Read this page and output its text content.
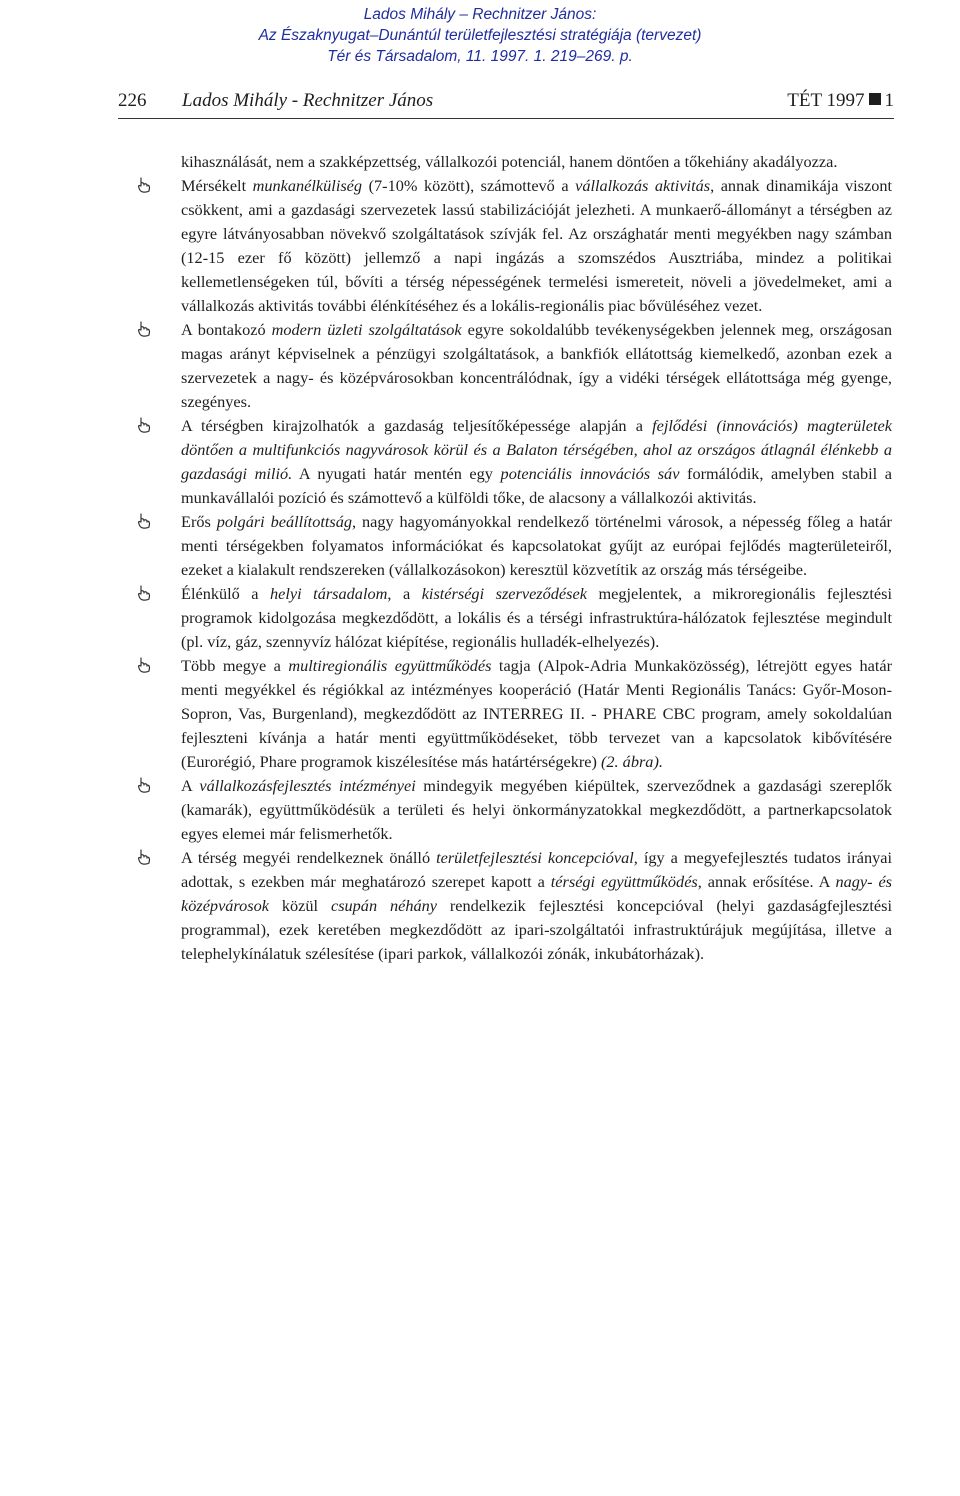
Lados Mihály – Rechnitzer János:
Az Északnyugat–Dunántúl területfejlesztési stratégiája (tervezet)
Tér és Társadalom, 11. 1997. 1. 219–269. p.
226 Lados Mihály - Rechnitzer János	TÉT 1997 1

kihasználását, nem a szakképzettség, vállalkozói potenciál, hanem döntően a tőkehiány akadályozza.

Mérsékelt munkanélküliség (7-10% között), számottevő a vállalkozás aktivitás, annak dinamikája viszont csökkent, ami a gazdasági szervezetek lassú stabilizációját jelezheti. A munkaerő-állományt a térségben az egyre látványosabban növekvő szolgáltatások szívják fel. Az országhatár menti megyékben nagy számban (12-15 ezer fő között) jellemző a napi ingázás a szomszédos Ausztriába, mindez a politikai kellemetlenségeken túl, bővíti a térség népességének termelési ismereteit, növeli a jövedelmeket, ami a vállalkozás aktivitás további élénkítéséhez és a lokális-regionális piac bővüléséhez vezet.

A bontakozó modern üzleti szolgáltatások egyre sokoldalúbb tevékenységekben jelennek meg, országosan magas arányt képviselnek a pénzügyi szolgáltatások, a bankfiók ellátottság kiemelkedő, azonban ezek a szervezetek a nagy- és középvárosokban koncentrálódnak, így a vidéki térségek ellátottsága még gyenge, szegényes.

A térségben kirajzolhatók a gazdaság teljesítőképessége alapján a fejlődési (innovációs) magterületek döntően a multifunkciós nagyvárosok körül és a Balaton térségében, ahol az országos átlagnál élénkebb a gazdasági milió. A nyugati határ mentén egy potenciális innovációs sáv formálódik, amelyben stabil a munkavállalói pozíció és számottevő a külföldi tőke, de alacsony a vállalkozói aktivitás.

Erős polgári beállítottság, nagy hagyományokkal rendelkező történelmi városok, a népesség főleg a határ menti térségekben folyamatos információkat és kapcsolatokat gyűjt az európai fejlődés magterületeiről, ezeket a kialakult rendszereken (vállalkozásokon) keresztül közvetítik az ország más térségeibe.

Élénkülő a helyi társadalom, a kistérségi szerveződések megjelentek, a mikroregionális fejlesztési programok kidolgozása megkezdődött, a lokális és a térségi infrastruktúra-hálózatok fejlesztése megindult (pl. víz, gáz, szennyvíz hálózat kiépítése, regionális hulladék-elhelyezés).

Több megye a multiregionális együttműködés tagja (Alpok-Adria Munkaközösség), létrejött egyes határ menti megyékkel és régiókkal az intézményes kooperáció (Határ Menti Regionális Tanács: Győr-Moson-Sopron, Vas, Burgenland), megkezdődött az INTERREG II. - PHARE CBC program, amely sokoldalúan fejleszteni kívánja a határ menti együttműködéseket, több tervezet van a kapcsolatok kibővítésére (Eurorégió, Phare programok kiszélesítése más határtérségekre) (2. ábra).

A vállalkozásfejlesztés intézményei mindegyik megyében kiépültek, szerveződnek a gazdasági szereplők (kamarák), együttműködésük a területi és helyi önkormányzatokkal megkezdődött, a partnerkapcsolatok egyes elemei már felismerhetők.

A térség megyéi rendelkeznek önálló területfejlesztési koncepcióval, így a megyefejlesztés tudatos irányai adottak, s ezekben már meghatározó szerepet kapott a térségi együttműködés, annak erősítése. A nagy- és középvárosok közül csupán néhány rendelkezik fejlesztési koncepcióval (helyi gazdaságfejlesztési programmal), ezek keretében megkezdődött az ipari-szolgáltatói infrastruktúrájuk megújítása, illetve a telephelykínálatuk szélesítése (ipari parkok, vállalkozói zónák, inkubátorházak).
